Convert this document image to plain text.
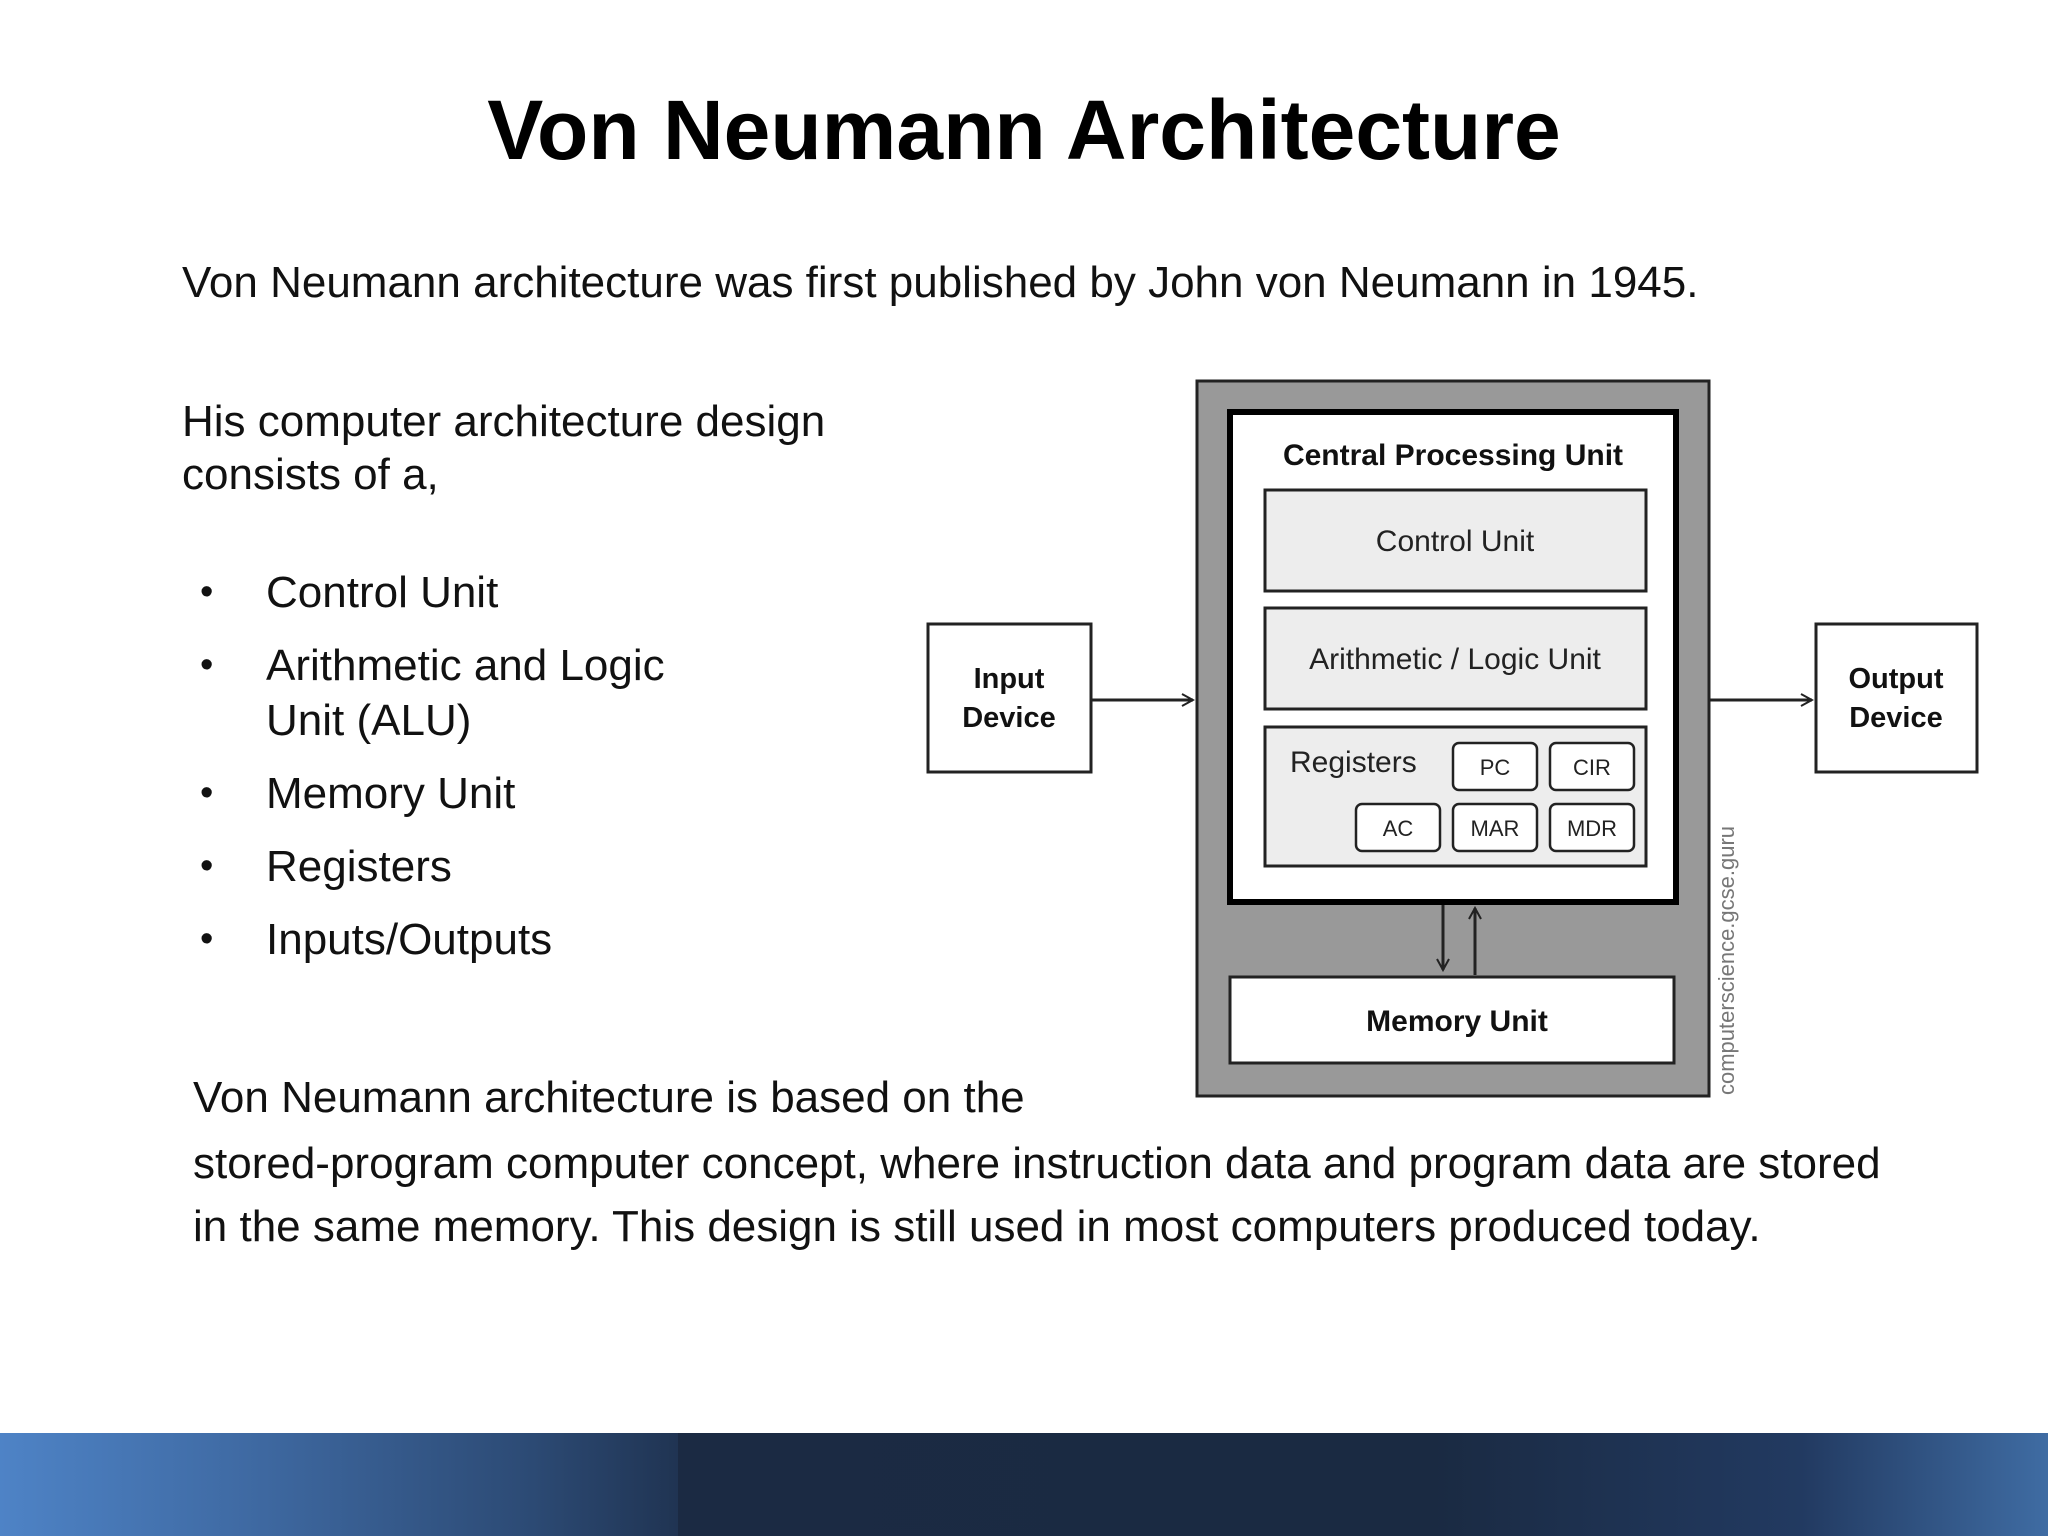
Von Neumann Architecture
Von Neumann architecture was first published by John von Neumann in 1945.
His computer architecture design
consists of a,
• Control Unit
• Arithmetic and Logic
Unit (ALU)
• Memory Unit
• Registers
• Inputs/Outputs
Central Processing Unit
Control Unit
Arithmetic / Logic Unit
Registers	PC	CIR
AC	MAR MDR
Memory Unit
Input
Device
Output
Device
computerscience.gcse.guru
Von Neumann architecture is based on the
stored-program computer concept, where instruction data and program data are stored in the same memory. This design is still used in most computers produced today.
